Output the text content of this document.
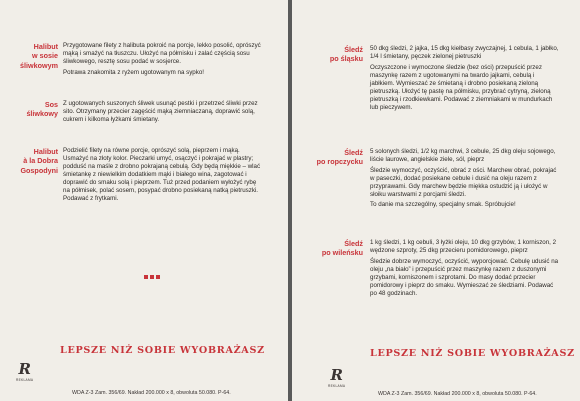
Halibut
w sosie
śliwkowym

Przygotowane filety z halibuta pokroić na porcje, lekko posolić, oprószyć mąką i smażyć na tłuszczu. Ułożyć na półmisku i zalać częścią sosu śliwkowego, resztę sosu podać w sosjerce.

Potrawa znakomita z ryżem ugotowanym na sypko!

Sos
śliwkowy

Z ugotowanych suszonych śliwek usunąć pestki i przetrzeć śliwki przez sito. Otrzymany przecier zagęścić mąką ziemniaczaną, doprawić solą, cukrem i kilkoma łyżkami śmietany.

Halibut
à la Dobra
Gospodyni

Podzielić filety na równe porcje, oprószyć solą, pieprzem i mąką. Usmażyć na złoty kolor. Pieczarki umyć, osączyć i pokrajać w plastry; podduść na maśle z drobno pokrajaną cebulą. Gdy będą miękkie – wlać śmietankę z niewielkim dodatkiem mąki i białego wina, zagotować i doprawić do smaku solą i pieprzem. Tuż przed podaniem wyłożyć rybę na półmisek, polać sosem, posypać drobno posiekaną natką pietruszki. Podawać z frytkami.

LEPSZE NIŻ SOBIE WYOBRAŻASZ
R
REKLAMA
WDA Z-3 Zam. 356/69. Nakład 200.000 x 8, obwoluta 50.080. P-64.
Śledź
po śląsku

50 dkg śledzi, 2 jajka, 15 dkg kiełbasy zwyczajnej, 1 cebula, 1 jabłko, 1/4 l śmietany, pęczek zielonej pietruszki

Oczyszczone i wymoczone śledzie (bez ości) przepuścić przez maszynkę razem z ugotowanymi na twardo jajkami, cebulą i jabłkiem. Wymieszać ze śmietaną i drobno posiekaną zieloną pietruszką. Ułożyć tę pastę na półmisku, przybrać cytryną, zieloną pietruszką i rzodkiewkami. Podawać z ziemniakami w mundurkach lub pieczywem.

Śledź
po ropczycku

5 solonych śledzi, 1/2 kg marchwi, 3 cebule, 25 dkg oleju sojowego, liście laurowe, angielskie ziele, sól, pieprz

Śledzie wymoczyć, oczyścić, obrać z ości. Marchew obrać, pokrajać w paseczki, dodać posiekane cebule i dusić na oleju razem z przyprawami. Gdy marchew będzie miękka ostudzić ją i ułożyć w słoiku warstwami z porcjami śledzi.

To danie ma szczególny, specjalny smak. Spróbujcie!

Śledź
po wileńsku

1 kg śledzi, 1 kg cebuli, 3 łyżki oleju, 10 dkg grzybów, 1 korniszon, 2 wędzone szproty, 25 dkg przecieru pomidorowego, pieprz

Śledzie dobrze wymoczyć, oczyścić, wyporcjować. Cebulę udusić na oleju „na biało” i przepuścić przez maszynkę razem z duszonymi grzybami, korniszonem i szprotami. Do masy dodać przecier pomidorowy i pieprz do smaku. Wymieszać ze śledziami. Podawać po 48 godzinach.

LEPSZE NIŻ SOBIE WYOBRAŻASZ
R
REKLAMA
WDA Z-3 Zam. 356/69. Nakład 200.000 x 8, obwoluta 50.080. P-64.
